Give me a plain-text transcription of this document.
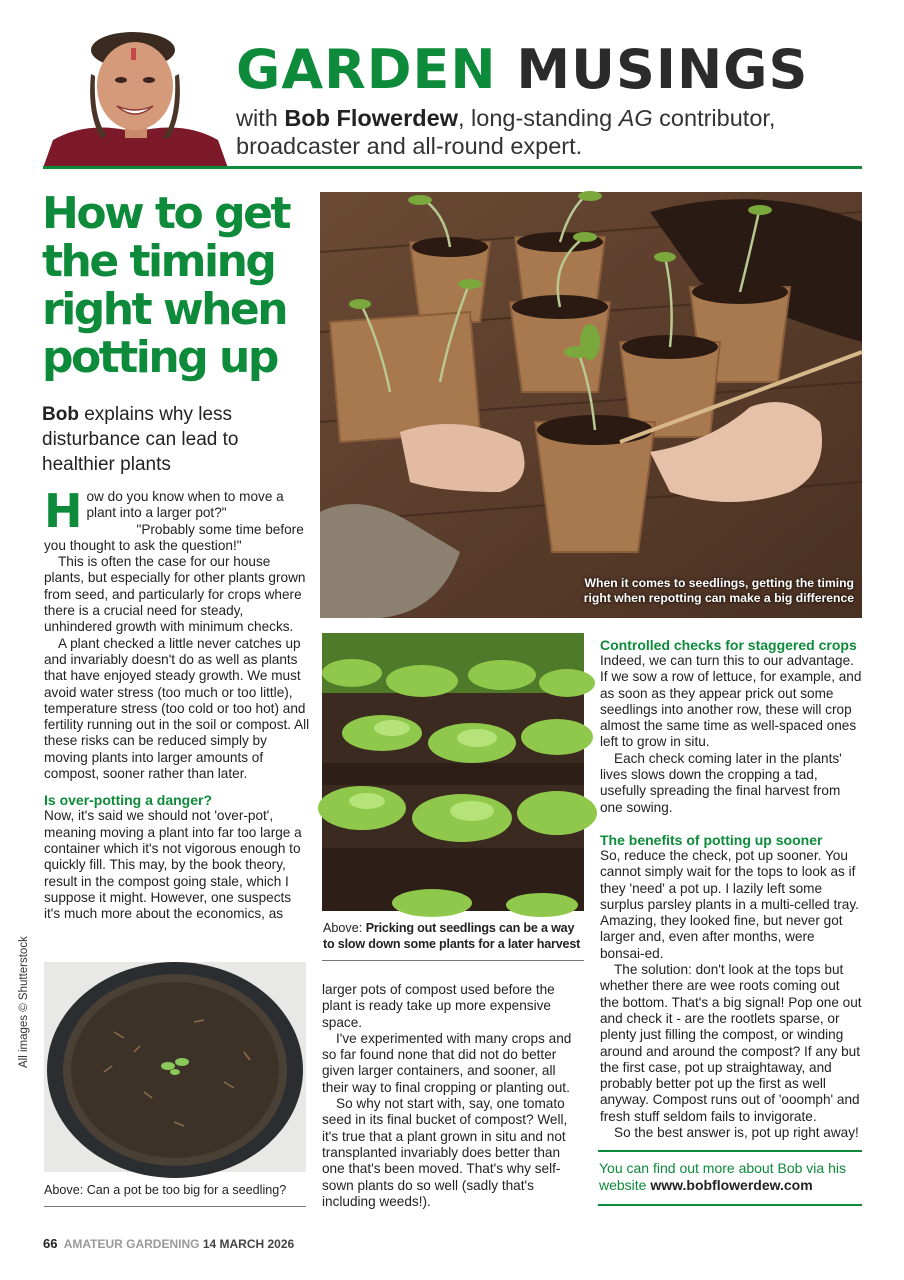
GARDEN MUSINGS
with Bob Flowerdew, long-standing AG contributor, broadcaster and all-round expert.
How to get the timing right when potting up
Bob explains why less disturbance can lead to healthier plants
When it comes to seedlings, getting the timing right when repotting can make a big difference
H ow do you know when to move a plant into a larger pot?"

"Probably some time before you thought to ask the question!"

This is often the case for our house plants, but especially for other plants grown from seed, and particularly for crops where there is a crucial need for steady, unhindered growth with minimum checks.

A plant checked a little never catches up and invariably doesn't do as well as plants that have enjoyed steady growth. We must avoid water stress (too much or too little), temperature stress (too cold or too hot) and fertility running out in the soil or compost. All these risks can be reduced simply by moving plants into larger amounts of compost, sooner rather than later.

Is over-potting a danger?

Now, it's said we should not 'over-pot', meaning moving a plant into far too large a container which it's not vigorous enough to quickly fill. This may, by the book theory, result in the compost going stale, which I suppose it might. However, one suspects it's much more about the economics, as

Above: Pricking out seedlings can be a way to slow down some plants for a later harvest

larger pots of compost used before the plant is ready take up more expensive space.

I've experimented with many crops and so far found none that did not do better given larger containers, and sooner, all their way to final cropping or planting out.

So why not start with, say, one tomato seed in its final bucket of compost? Well, it's true that a plant grown in situ and not transplanted invariably does better than one that's been moved. That's why self-sown plants do so well (sadly that's including weeds!).

Controlled checks for staggered crops

Indeed, we can turn this to our advantage. If we sow a row of lettuce, for example, and as soon as they appear prick out some seedlings into another row, these will crop almost the same time as well-spaced ones left to grow in situ.

Each check coming later in the plants' lives slows down the cropping a tad, usefully spreading the final harvest from one sowing.

The benefits of potting up sooner

So, reduce the check, pot up sooner. You cannot simply wait for the tops to look as if they 'need' a pot up. I lazily left some surplus parsley plants in a multi-celled tray. Amazing, they looked fine, but never got larger and, even after months, were bonsai-ed.

The solution: don't look at the tops but whether there are wee roots coming out the bottom. That's a big signal! Pop one out and check it - are the rootlets sparse, or plenty just filling the compost, or winding around and around the compost? If any but the first case, pot up straightaway, and probably better pot up the first as well anyway. Compost runs out of 'ooomph' and fresh stuff seldom fails to invigorate.

So the best answer is, pot up right away!

Above: Can a pot be too big for a seedling?
All images © Shutterstock
You can find out more about Bob via his website www.bobflowerdew.com
66 AMATEUR GARDENING 14 MARCH 2026
